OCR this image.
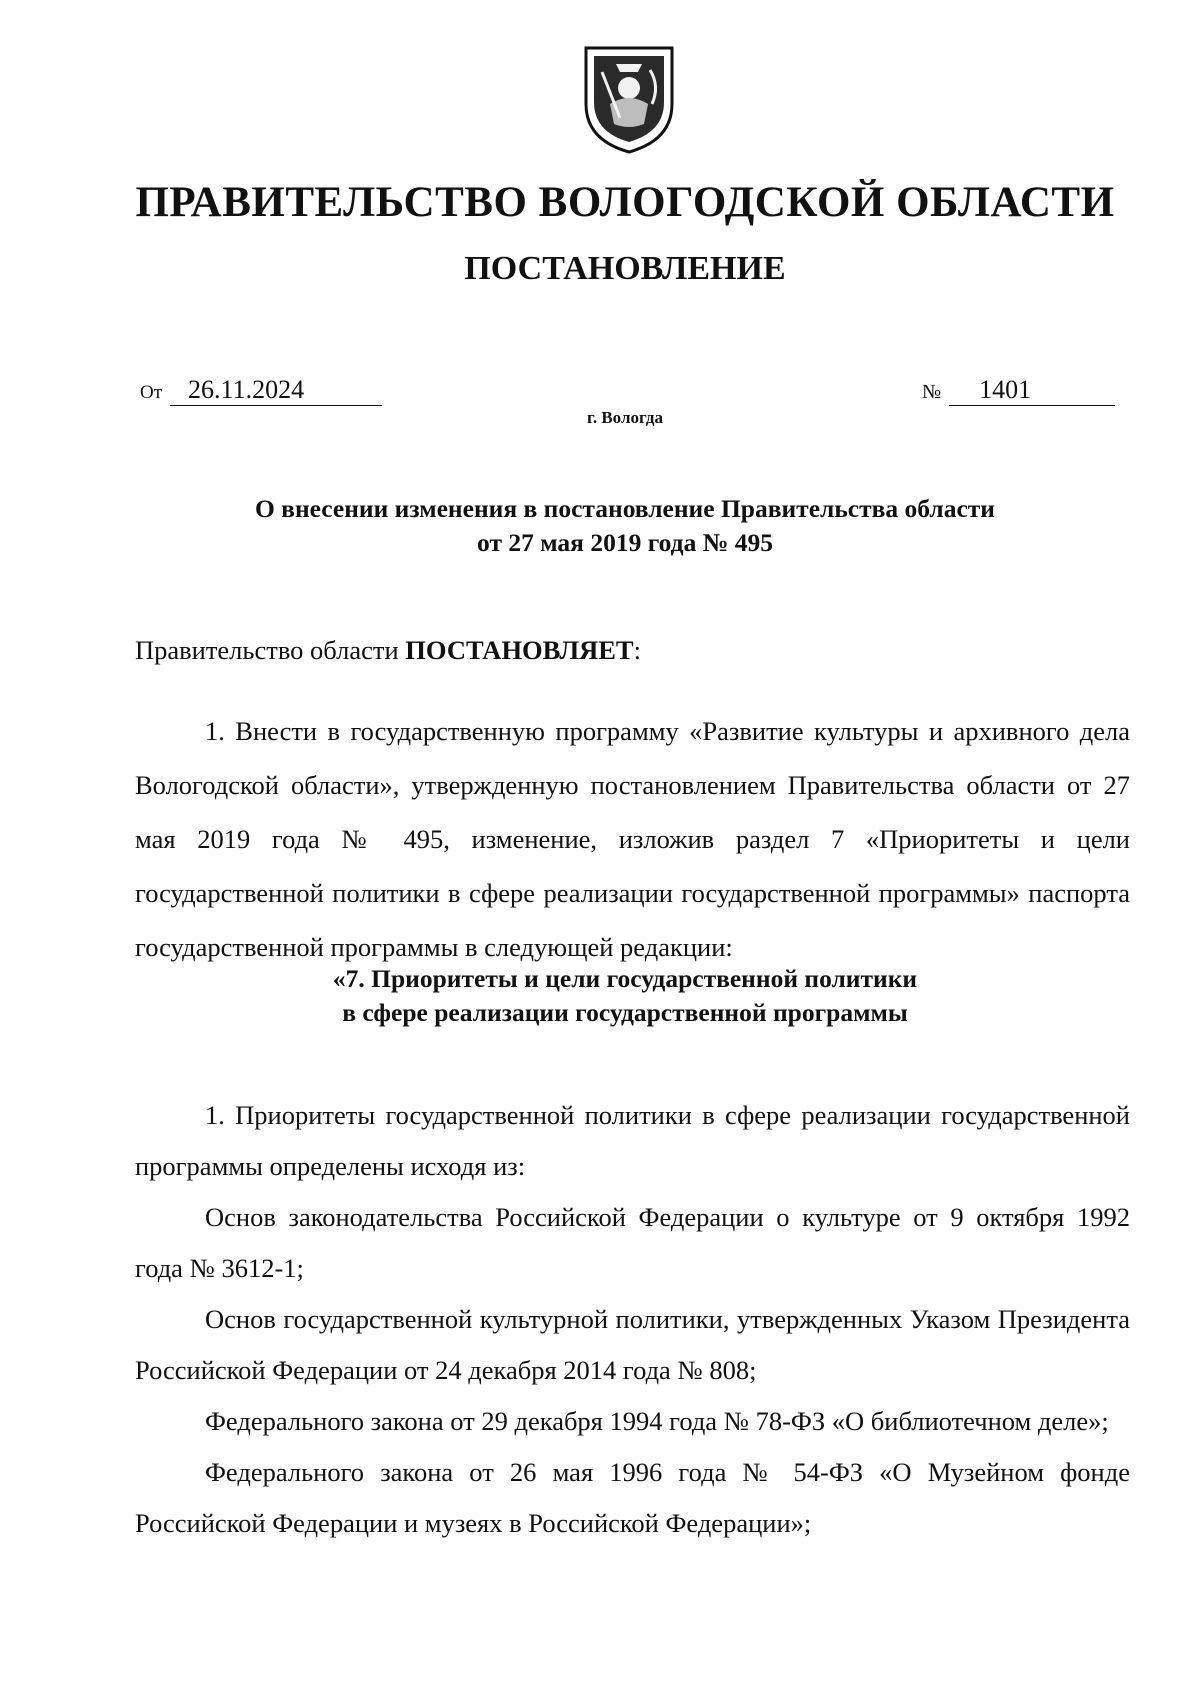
ПРАВИТЕЛЬСТВО ВОЛОГОДСКОЙ ОБЛАСТИ
ПОСТАНОВЛЕНИЕ
От 26.11.2024	№ 1401
г. Вологда
О внесении изменения в постановление Правительства области
от 27 мая 2019 года № 495
Правительство области ПОСТАНОВЛЯЕТ:
1. Внести в государственную программу «Развитие культуры и архивного дела Вологодской области», утвержденную постановлением Правительства области от 27 мая 2019 года № 495, изменение, изложив раздел 7 «Приоритеты и цели государственной политики в сфере реализации государственной программы» паспорта государственной программы в следующей редакции:
«7. Приоритеты и цели государственной политики
в сфере реализации государственной программы

1. Приоритеты государственной политики в сфере реализации государственной программы определены исходя из:

Основ законодательства Российской Федерации о культуре от 9 октября 1992 года № 3612-1;

Основ государственной культурной политики, утвержденных Указом Президента Российской Федерации от 24 декабря 2014 года № 808;

Федерального закона от 29 декабря 1994 года № 78-ФЗ «О библиотечном деле»;

Федерального закона от 26 мая 1996 года № 54-ФЗ «О Музейном фонде Российской Федерации и музеях в Российской Федерации»;
